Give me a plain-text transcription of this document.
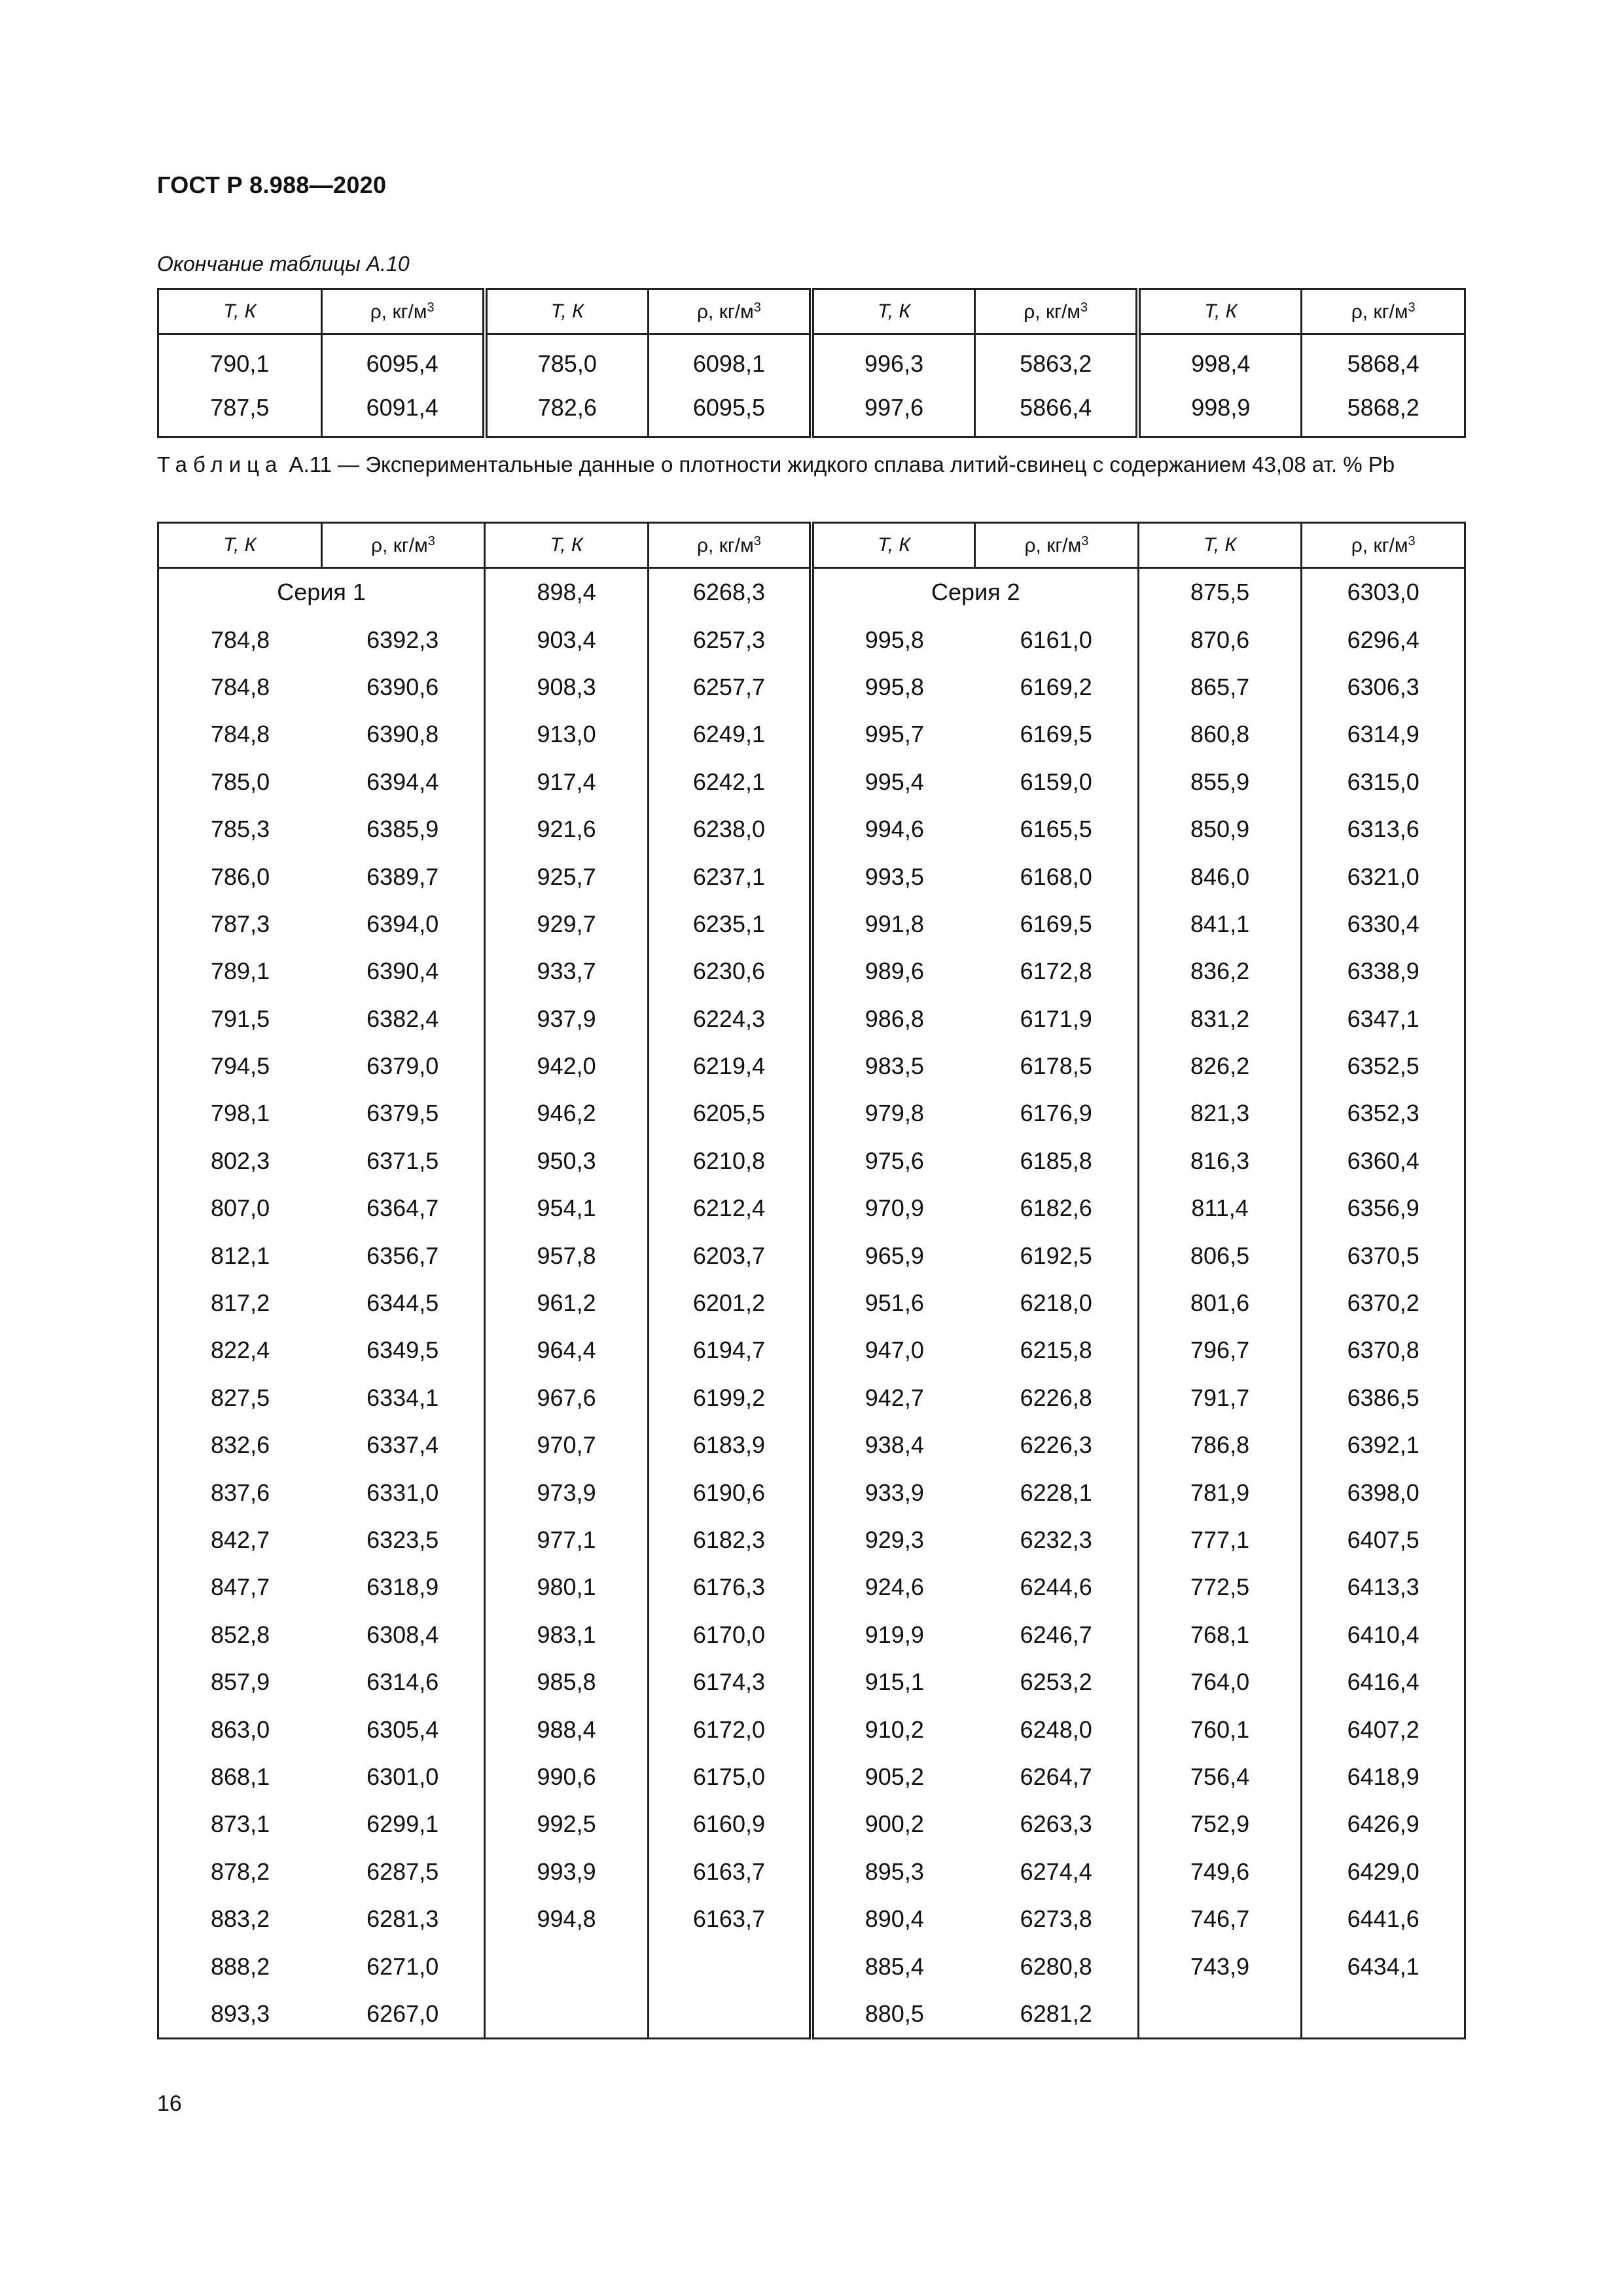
ГОСТ Р 8.988—2020
Окончание таблицы А.10
Т, К	ρ, $кг/м^3$	Т, К	ρ, $кг/м^3$	Т, К	ρ, $кг/м^3$	Т, К	ρ, $кг/м^3$
790,1	6095,4	785,0	6098,1	996,3	5863,2	998,4	5868,4
787,5	6091,4	782,6	6095,5	997,6	5866,4	998,9	5868,2
Таблица А.11 — Экспериментальные данные о плотности жидкого сплава литий-свинец с содержанием 43,08 ат. % Pb
Т, К	ρ, $кг/м^3$	Т, К	ρ, $кг/м^3$	Т, К	ρ, $кг/м^3$	Т, К	ρ, $кг/м^3$
Серия 1		898,4	6268,3	Серия 2		875,5	6303,0
784,8	6392,3	903,4	6257,3	995,8	6161,0	870,6	6296,4
784,8	6390,6	908,3	6257,7	995,8	6169,2	865,7	6306,3
784,8	6390,8	913,0	6249,1	995,7	6169,5	860,8	6314,9
785,0	6394,4	917,4	6242,1	995,4	6159,0	855,9	6315,0
785,3	6385,9	921,6	6238,0	994,6	6165,5	850,9	6313,6
786,0	6389,7	925,7	6237,1	993,5	6168,0	846,0	6321,0
787,3	6394,0	929,7	6235,1	991,8	6169,5	841,1	6330,4
789,1	6390,4	933,7	6230,6	989,6	6172,8	836,2	6338,9
791,5	6382,4	937,9	6224,3	986,8	6171,9	831,2	6347,1
794,5	6379,0	942,0	6219,4	983,5	6178,5	826,2	6352,5
798,1	6379,5	946,2	6205,5	979,8	6176,9	821,3	6352,3
802,3	6371,5	950,3	6210,8	975,6	6185,8	816,3	6360,4
807,0	6364,7	954,1	6212,4	970,9	6182,6	811,4	6356,9
812,1	6356,7	957,8	6203,7	965,9	6192,5	806,5	6370,5
817,2	6344,5	961,2	6201,2	951,6	6218,0	801,6	6370,2
822,4	6349,5	964,4	6194,7	947,0	6215,8	796,7	6370,8
827,5	6334,1	967,6	6199,2	942,7	6226,8	791,7	6386,5
832,6	6337,4	970,7	6183,9	938,4	6226,3	786,8	6392,1
837,6	6331,0	973,9	6190,6	933,9	6228,1	781,9	6398,0
842,7	6323,5	977,1	6182,3	929,3	6232,3	777,1	6407,5
847,7	6318,9	980,1	6176,3	924,6	6244,6	772,5	6413,3
852,8	6308,4	983,1	6170,0	919,9	6246,7	768,1	6410,4
857,9	6314,6	985,8	6174,3	915,1	6253,2	764,0	6416,4
863,0	6305,4	988,4	6172,0	910,2	6248,0	760,1	6407,2
868,1	6301,0	990,6	6175,0	905,2	6264,7	756,4	6418,9
873,1	6299,1	992,5	6160,9	900,2	6263,3	752,9	6426,9
878,2	6287,5	993,9	6163,7	895,3	6274,4	749,6	6429,0
883,2	6281,3	994,8	6163,7	890,4	6273,8	746,7	6441,6
888,2	6271,0			885,4	6280,8	743,9	6434,1
893,3	6267,0			880,5	6281,2		
16
